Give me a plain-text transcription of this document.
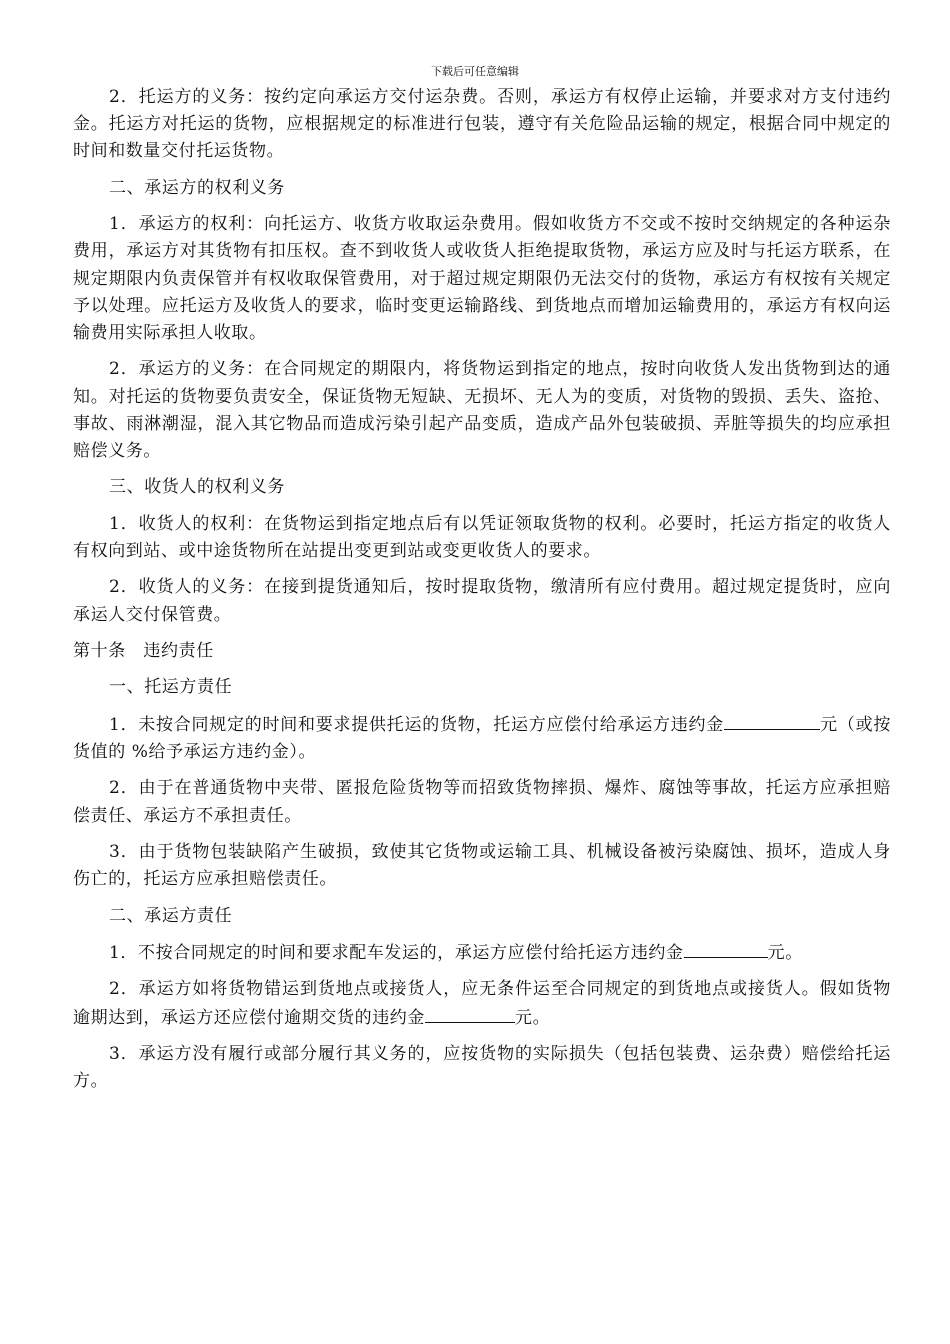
下载后可任意编辑

2．托运方的义务：按约定向承运方交付运杂费。否则，承运方有权停止运输，并要求对方支付违约金。托运方对托运的货物，应根据规定的标准进行包装，遵守有关危险品运输的规定，根据合同中规定的时间和数量交付托运货物。

二、承运方的权利义务

1．承运方的权利：向托运方、收货方收取运杂费用。假如收货方不交或不按时交纳规定的各种运杂费用，承运方对其货物有扣压权。查不到收货人或收货人拒绝提取货物，承运方应及时与托运方联系，在规定期限内负责保管并有权收取保管费用，对于超过规定期限仍无法交付的货物，承运方有权按有关规定予以处理。应托运方及收货人的要求，临时变更运输路线、到货地点而增加运输费用的，承运方有权向运输费用实际承担人收取。

2．承运方的义务：在合同规定的期限内，将货物运到指定的地点，按时向收货人发出货物到达的通知。对托运的货物要负责安全，保证货物无短缺、无损坏、无人为的变质，对货物的毁损、丢失、盗抢、事故、雨淋潮湿，混入其它物品而造成污染引起产品变质，造成产品外包装破损、弄脏等损失的均应承担赔偿义务。

三、收货人的权利义务

1．收货人的权利：在货物运到指定地点后有以凭证领取货物的权利。必要时，托运方指定的收货人有权向到站、或中途货物所在站提出变更到站或变更收货人的要求。

2．收货人的义务：在接到提货通知后，按时提取货物，缴清所有应付费用。超过规定提货时，应向承运人交付保管费。

第十条　违约责任

一、托运方责任

1．未按合同规定的时间和要求提供托运的货物，托运方应偿付给承运方违约金	元（或按货值的 %给予承运方违约金）。

2．由于在普通货物中夹带、匿报危险货物等而招致货物摔损、爆炸、腐蚀等事故，托运方应承担赔偿责任、承运方不承担责任。

3．由于货物包装缺陷产生破损，致使其它货物或运输工具、机械设备被污染腐蚀、损坏，造成人身伤亡的，托运方应承担赔偿责任。

二、承运方责任

1．不按合同规定的时间和要求配车发运的，承运方应偿付给托运方违约金	元。

2．承运方如将货物错运到货地点或接货人，应无条件运至合同规定的到货地点或接货人。假如货物逾期达到，承运方还应偿付逾期交货的违约金	元。

3．承运方没有履行或部分履行其义务的，应按货物的实际损失（包括包装费、运杂费）赔偿给托运方。
